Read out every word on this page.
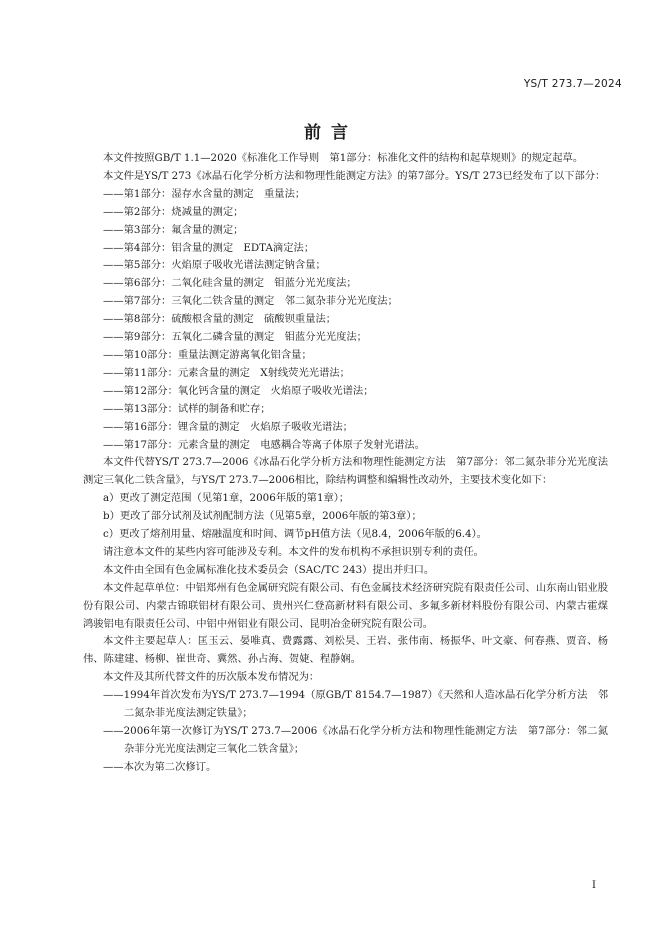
YS/T 273.7—2024
前言

本文件按照GB/T 1.1—2020《标准化工作导则　第1部分：标准化文件的结构和起草规则》的规定起草。

本文件是YS/T 273《冰晶石化学分析方法和物理性能测定方法》的第7部分。YS/T 273已经发布了以下部分：

——第1部分：湿存水含量的测定　重量法；

——第2部分：烧减量的测定；

——第3部分：氟含量的测定；

——第4部分：铝含量的测定　EDTA滴定法；

——第5部分：火焰原子吸收光谱法测定钠含量；

——第6部分：二氧化硅含量的测定　钼蓝分光光度法；

——第7部分：三氧化二铁含量的测定　邻二氮杂菲分光光度法；

——第8部分：硫酸根含量的测定　硫酸钡重量法；

——第9部分：五氧化二磷含量的测定　钼蓝分光光度法；

——第10部分：重量法测定游离氧化铝含量；

——第11部分：元素含量的测定　X射线荧光光谱法；

——第12部分：氧化钙含量的测定　火焰原子吸收光谱法；

——第13部分：试样的制备和贮存；

——第16部分：锂含量的测定　火焰原子吸收光谱法；

——第17部分：元素含量的测定　电感耦合等离子体原子发射光谱法。

本文件代替YS/T 273.7—2006《冰晶石化学分析方法和物理性能测定方法　第7部分：邻二氮杂菲分光光度法测定三氧化二铁含量》，与YS/T 273.7—2006相比，除结构调整和编辑性改动外，主要技术变化如下：

a）更改了测定范围（见第1章，2006年版的第1章）；

b）更改了部分试剂及试剂配制方法（见第5章，2006年版的第3章）；

c）更改了熔剂用量、熔融温度和时间、调节pH值方法（见8.4，2006年版的6.4）。

请注意本文件的某些内容可能涉及专利。本文件的发布机构不承担识别专利的责任。

本文件由全国有色金属标准化技术委员会（SAC/TC 243）提出并归口。

本文件起草单位：中铝郑州有色金属研究院有限公司、有色金属技术经济研究院有限责任公司、山东南山铝业股份有限公司、内蒙古锦联铝材有限公司、贵州兴仁登高新材料有限公司、多氟多新材料股份有限公司、内蒙古霍煤鸿骏铝电有限责任公司、中铝中州铝业有限公司、昆明冶金研究院有限公司。

本文件主要起草人：匡玉云、晏唯真、费露露、刘松昊、王岩、张伟南、杨振华、叶文豪、何春燕、贾音、杨伟、陈建建、杨柳、崔世奇、冀然、孙占海、贺婕、程静娴。

本文件及其所代替文件的历次版本发布情况为：

——1994年首次发布为YS/T 273.7—1994（原GB/T 8154.7—1987）《天然和人造冰晶石化学分析方法　邻二氮杂菲光度法测定铁量》；

——2006年第一次修订为YS/T 273.7—2006《冰晶石化学分析方法和物理性能测定方法　第7部分：邻二氮杂菲分光光度法测定三氧化二铁含量》；

——本次为第二次修订。

I
